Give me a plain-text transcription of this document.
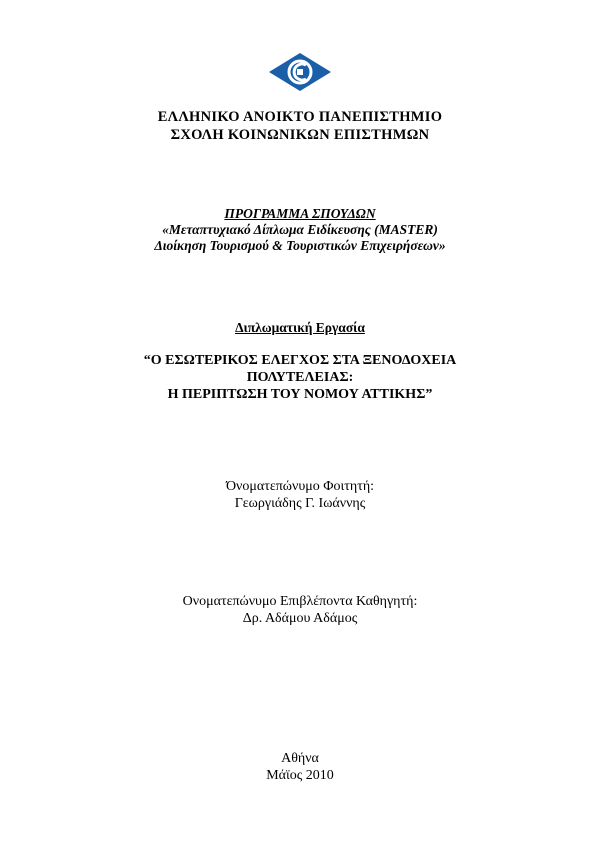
ΕΛΛΗΝΙΚΟ ΑΝΟΙΚΤΟ ΠΑΝΕΠΙΣΤΗΜΙΟ
ΣΧΟΛΗ ΚΟΙΝΩΝΙΚΩΝ ΕΠΙΣΤΗΜΩΝ
ΠΡΟΓΡΑΜΜΑ ΣΠΟΥΔΩΝ
«Μεταπτυχιακό Δίπλωμα Ειδίκευσης (MASTER)
Διοίκηση Τουρισμού & Τουριστικών Επιχειρήσεων»
Διπλωματική Εργασία
“Ο ΕΣΩΤΕΡΙΚΟΣ ΕΛΕΓΧΟΣ ΣΤΑ ΞΕΝΟΔΟΧΕΙΑ
ΠΟΛΥΤΕΛΕΙΑΣ:
Η ΠΕΡΙΠΤΩΣΗ ΤΟΥ ΝΟΜΟΥ ΑΤΤΙΚΗΣ”
Όνοματεπώνυμο Φοιτητή:
Γεωργιάδης Γ. Ιωάννης
Ονοματεπώνυμο Επιβλέποντα Καθηγητή:
Δρ. Αδάμου Αδάμος
Αθήνα
Μάϊος 2010
